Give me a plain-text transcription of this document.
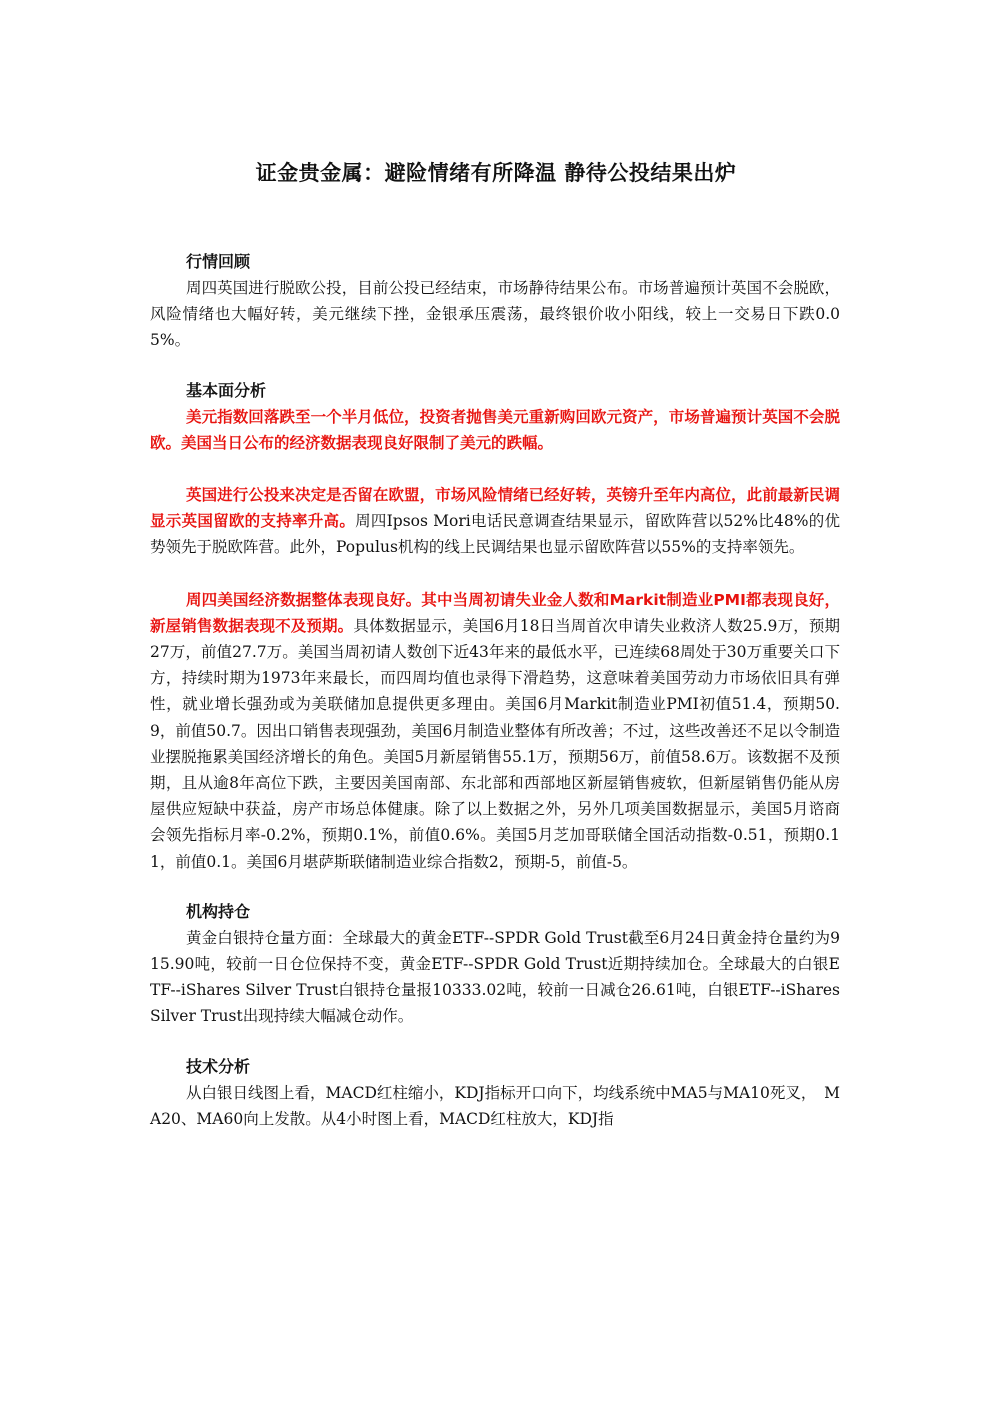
证金贵金属：避险情绪有所降温 静待公投结果出炉
行情回顾

周四英国进行脱欧公投，目前公投已经结束，市场静待结果公布。市场普遍预计英国不会脱欧，风险情绪也大幅好转，美元继续下挫，金银承压震荡，最终银价收小阳线，较上一交易日下跌0.05%。

基本面分析

美元指数回落跌至一个半月低位，投资者抛售美元重新购回欧元资产，市场普遍预计英国不会脱欧。美国当日公布的经济数据表现良好限制了美元的跌幅。

英国进行公投来决定是否留在欧盟，市场风险情绪已经好转，英镑升至年内高位，此前最新民调显示英国留欧的支持率升高。周四Ipsos Mori电话民意调查结果显示，留欧阵营以52%比48%的优势领先于脱欧阵营。此外，Populus机构的线上民调结果也显示留欧阵营以55%的支持率领先。

周四美国经济数据整体表现良好。其中当周初请失业金人数和Markit制造业PMI都表现良好，新屋销售数据表现不及预期。具体数据显示，美国6月18日当周首次申请失业救济人数25.9万，预期27万，前值27.7万。美国当周初请人数创下近43年来的最低水平，已连续68周处于30万重要关口下方，持续时期为1973年来最长，而四周均值也录得下滑趋势，这意味着美国劳动力市场依旧具有弹性，就业增长强劲或为美联储加息提供更多理由。美国6月Markit制造业PMI初值51.4，预期50.9，前值50.7。因出口销售表现强劲，美国6月制造业整体有所改善；不过，这些改善还不足以令制造业摆脱拖累美国经济增长的角色。美国5月新屋销售55.1万，预期56万，前值58.6万。该数据不及预期，且从逾8年高位下跌，主要因美国南部、东北部和西部地区新屋销售疲软，但新屋销售仍能从房屋供应短缺中获益，房产市场总体健康。除了以上数据之外，另外几项美国数据显示，美国5月谘商会领先指标月率-0.2%，预期0.1%，前值0.6%。美国5月芝加哥联储全国活动指数-0.51，预期0.11，前值0.1。美国6月堪萨斯联储制造业综合指数2，预期-5，前值-5。

机构持仓

黄金白银持仓量方面：全球最大的黄金ETF--SPDR Gold Trust截至6月24日黄金持仓量约为915.90吨，较前一日仓位保持不变，黄金ETF--SPDR Gold Trust近期持续加仓。全球最大的白银ETF--iShares Silver Trust白银持仓量报10333.02吨，较前一日减仓26.61吨，白银ETF--iShares Silver Trust出现持续大幅减仓动作。

技术分析

从白银日线图上看，MACD红柱缩小，KDJ指标开口向下，均线系统中MA5与MA10死叉，　MA20、MA60向上发散。从4小时图上看，MACD红柱放大，KDJ指
